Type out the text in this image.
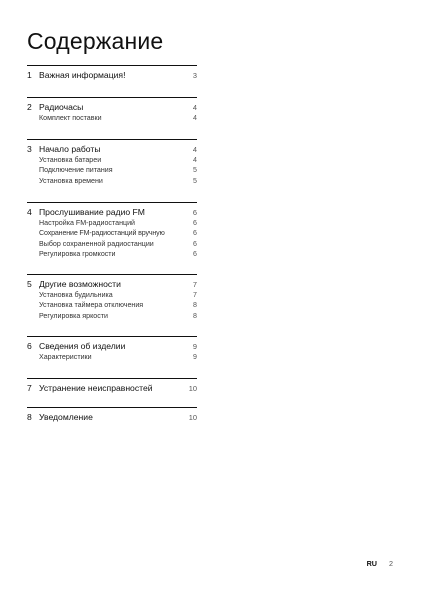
Содержание
1 Важная информация!	3
2 Радиочасы	4
Комплект поставки	4
3 Начало работы	4
Установка батареи	4
Подключение питания	5
Установка времени	5
4 Прослушивание радио FM	6
Настройка FM-радиостанций	6
Сохранение FM-радиостанций вручную	6
Выбор сохраненной радиостанции	6
Регулировка громкости	6
5 Другие возможности	7
Установка будильника	7
Установка таймера отключения	8
Регулировка яркости	8
6 Сведения об изделии	9
Характеристики	9
7 Устранение неисправностей	10
8 Уведомление	10
RU 2
